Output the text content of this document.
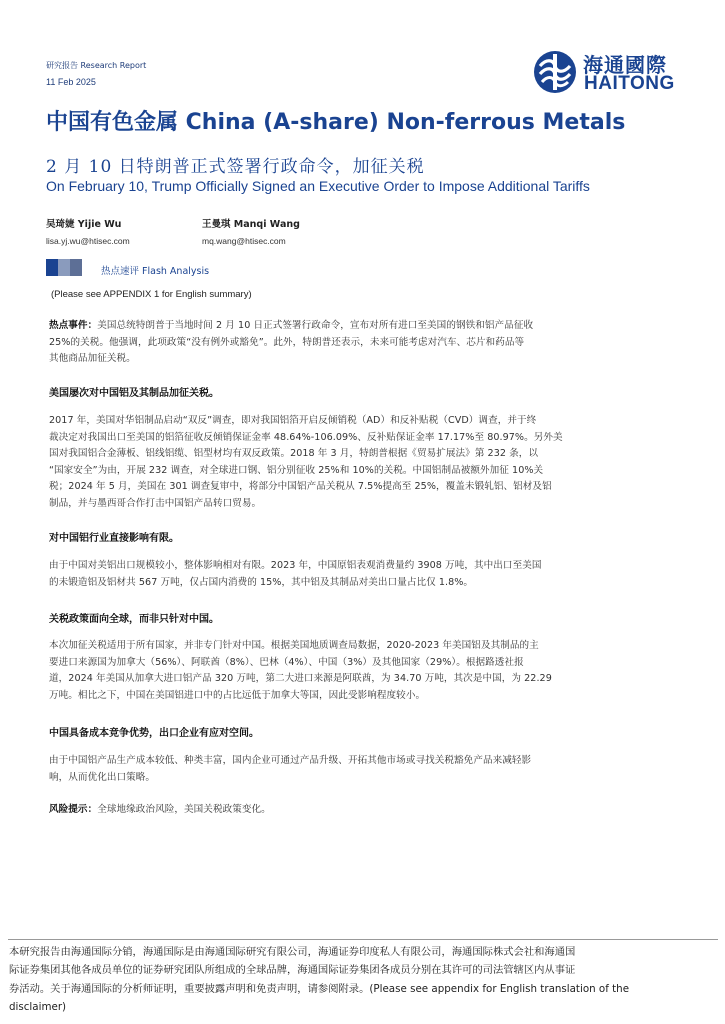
研究报告 Research Report
11 Feb 2025
海通國際
HAITONG
中国有色金属 China (A-share) Non-ferrous Metals
2 月 10 日特朗普正式签署行政命令，加征关税
On February 10, Trump Officially Signed an Executive Order to Impose Additional Tariffs
吴琦婕 Yijie Wu
lisa.yj.wu@htisec.com
王曼琪 Manqi Wang
mq.wang@htisec.com
热点速评 Flash Analysis
(Please see APPENDIX 1 for English summary)
热点事件：美国总统特朗普于当地时间 2 月 10 日正式签署行政命令，宣布对所有进口至美国的钢铁和铝产品征收
25%的关税。他强调，此项政策“没有例外或豁免”。此外，特朗普还表示，未来可能考虑对汽车、芯片和药品等
其他商品加征关税。
美国屡次对中国铝及其制品加征关税。
2017 年，美国对华铝制品启动“双反”调查，即对我国铝箔开启反倾销税（AD）和反补贴税（CVD）调查，并于终
裁决定对我国出口至美国的铝箔征收反倾销保证金率 48.64%-106.09%、反补贴保证金率 17.17%至 80.97%。另外美
国对我国铝合金薄板、铝线铝缆、铝型材均有双反政策。2018 年 3 月，特朗普根据《贸易扩展法》第 232 条，以
“国家安全”为由，开展 232 调查，对全球进口钢、铝分别征收 25%和 10%的关税。中国铝制品被额外加征 10%关
税；2024 年 5 月，美国在 301 调查复审中，将部分中国铝产品关税从 7.5%提高至 25%，覆盖未锻轧铝、铝材及铝
制品，并与墨西哥合作打击中国铝产品转口贸易。
对中国铝行业直接影响有限。
由于中国对美铝出口规模较小，整体影响相对有限。2023 年，中国原铝表观消费量约 3908 万吨，其中出口至美国
的未锻造铝及铝材共 567 万吨，仅占国内消费的 15%，其中铝及其制品对美出口量占比仅 1.8%。
关税政策面向全球，而非只针对中国。
本次加征关税适用于所有国家，并非专门针对中国。根据美国地质调查局数据，2020-2023 年美国铝及其制品的主
要进口来源国为加拿大（56%）、阿联酋（8%）、巴林（4%）、中国（3%）及其他国家（29%）。根据路透社报
道，2024 年美国从加拿大进口铝产品 320 万吨，第二大进口来源是阿联酋，为 34.70 万吨，其次是中国，为 22.29
万吨。相比之下，中国在美国铝进口中的占比远低于加拿大等国，因此受影响程度较小。
中国具备成本竞争优势，出口企业有应对空间。
由于中国铝产品生产成本较低、种类丰富，国内企业可通过产品升级、开拓其他市场或寻找关税豁免产品来减轻影
响，从而优化出口策略。
风险提示：全球地缘政治风险，美国关税政策变化。
本研究报告由海通国际分销，海通国际是由海通国际研究有限公司，海通证券印度私人有限公司，海通国际株式会社和海通国
际证券集团其他各成员单位的证券研究团队所组成的全球品牌，海通国际证券集团各成员分别在其许可的司法管辖区内从事证
券活动。关于海通国际的分析师证明，重要披露声明和免责声明，请参阅附录。(Please see appendix for English translation of the
disclaimer)
